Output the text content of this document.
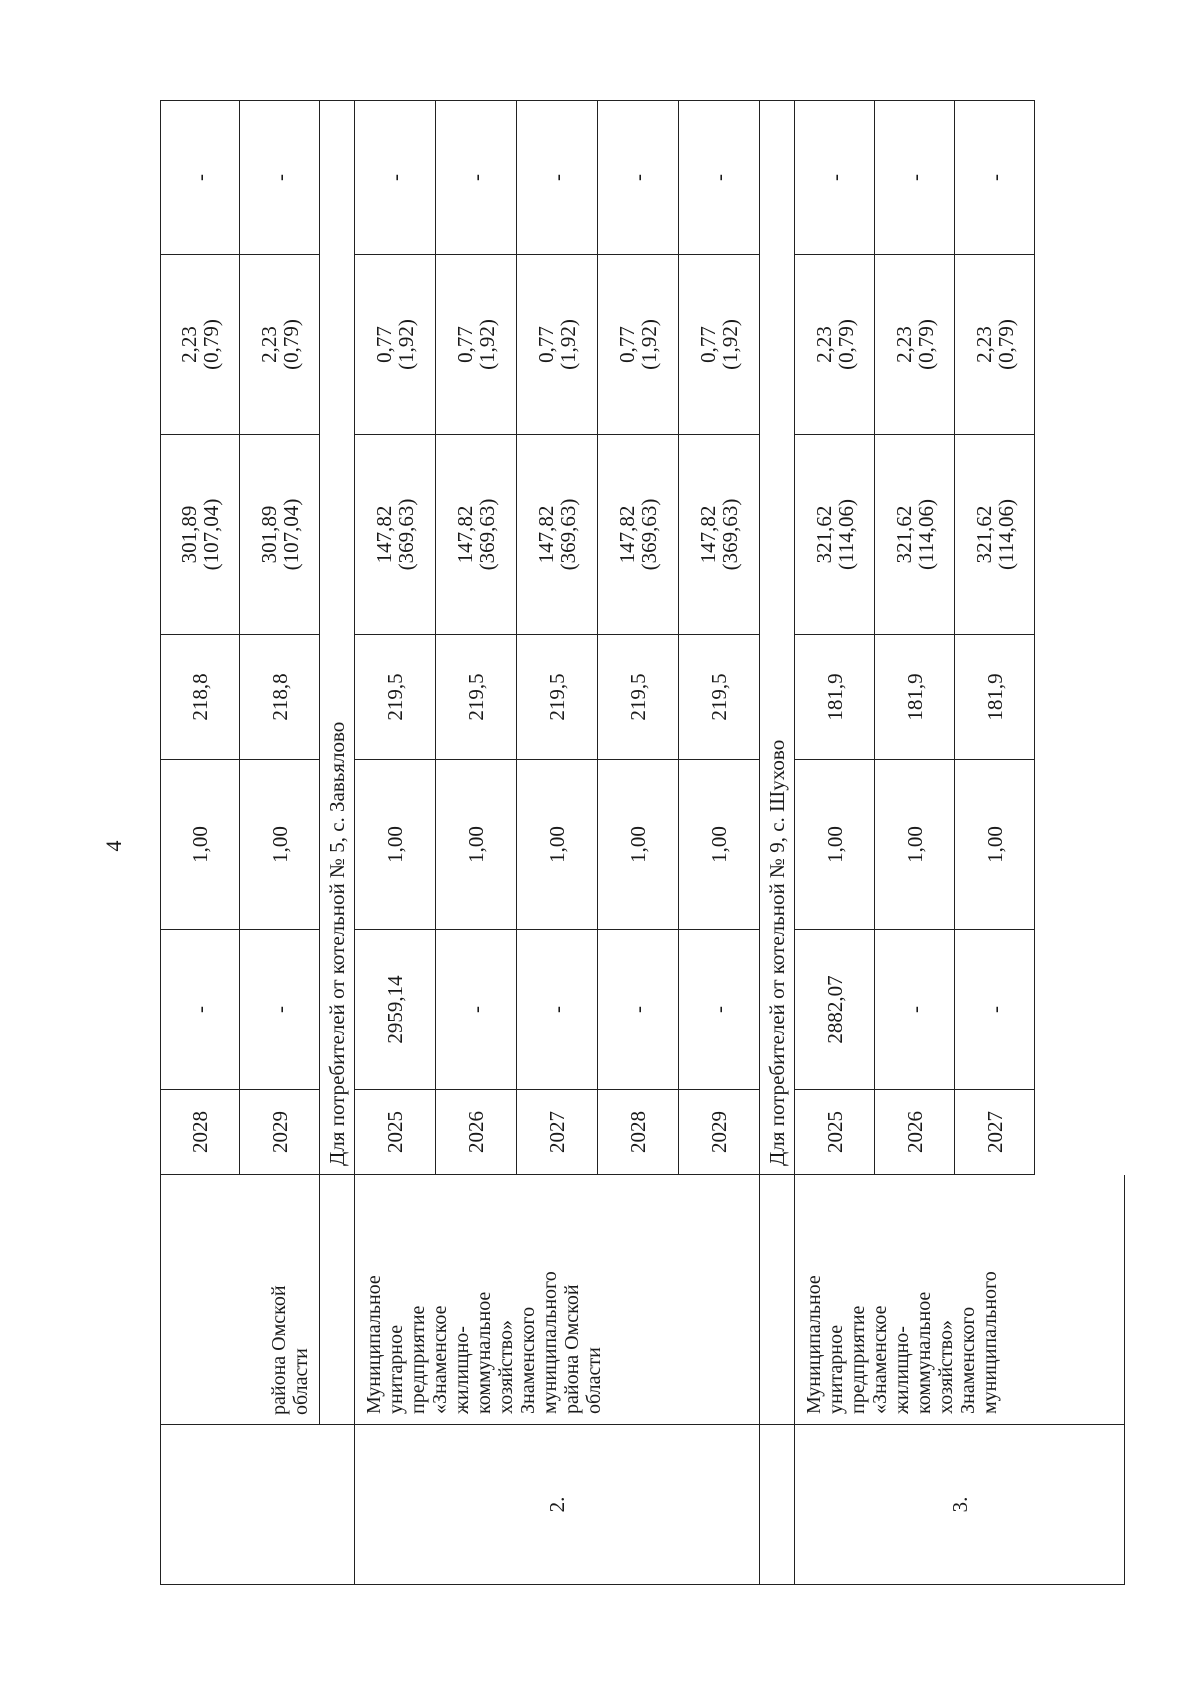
4
2028
-
1,00
218,8
301,89
(107,04)
2,23
(0,79)
-
2029
-
1,00
218,8
301,89
(107,04)
2,23
(0,79)
-
района Омской
области
Для потребителей от котельной № 5, с. Завьялово
2.
Муниципальное
унитарное
предприятие
«Знаменское
жилищно-
коммунальное
хозяйство»
Знаменского
муниципального
района Омской
области
2025
2959,14
1,00
219,5
147,82
(369,63)
0,77
(1,92)
-
2026
-
1,00
219,5
147,82
(369,63)
0,77
(1,92)
-
2027
-
1,00
219,5
147,82
(369,63)
0,77
(1,92)
-
2028
-
1,00
219,5
147,82
(369,63)
0,77
(1,92)
-
2029
-
1,00
219,5
147,82
(369,63)
0,77
(1,92)
-
Для потребителей от котельной № 9, с. Шухово
3.
Муниципальное
унитарное
предприятие
«Знаменское
жилищно-
коммунальное
хозяйство»
Знаменского
муниципального
2025
2882,07
1,00
181,9
321,62
(114,06)
2,23
(0,79)
-
2026
-
1,00
181,9
321,62
(114,06)
2,23
(0,79)
-
2027
-
1,00
181,9
321,62
(114,06)
2,23
(0,79)
-
